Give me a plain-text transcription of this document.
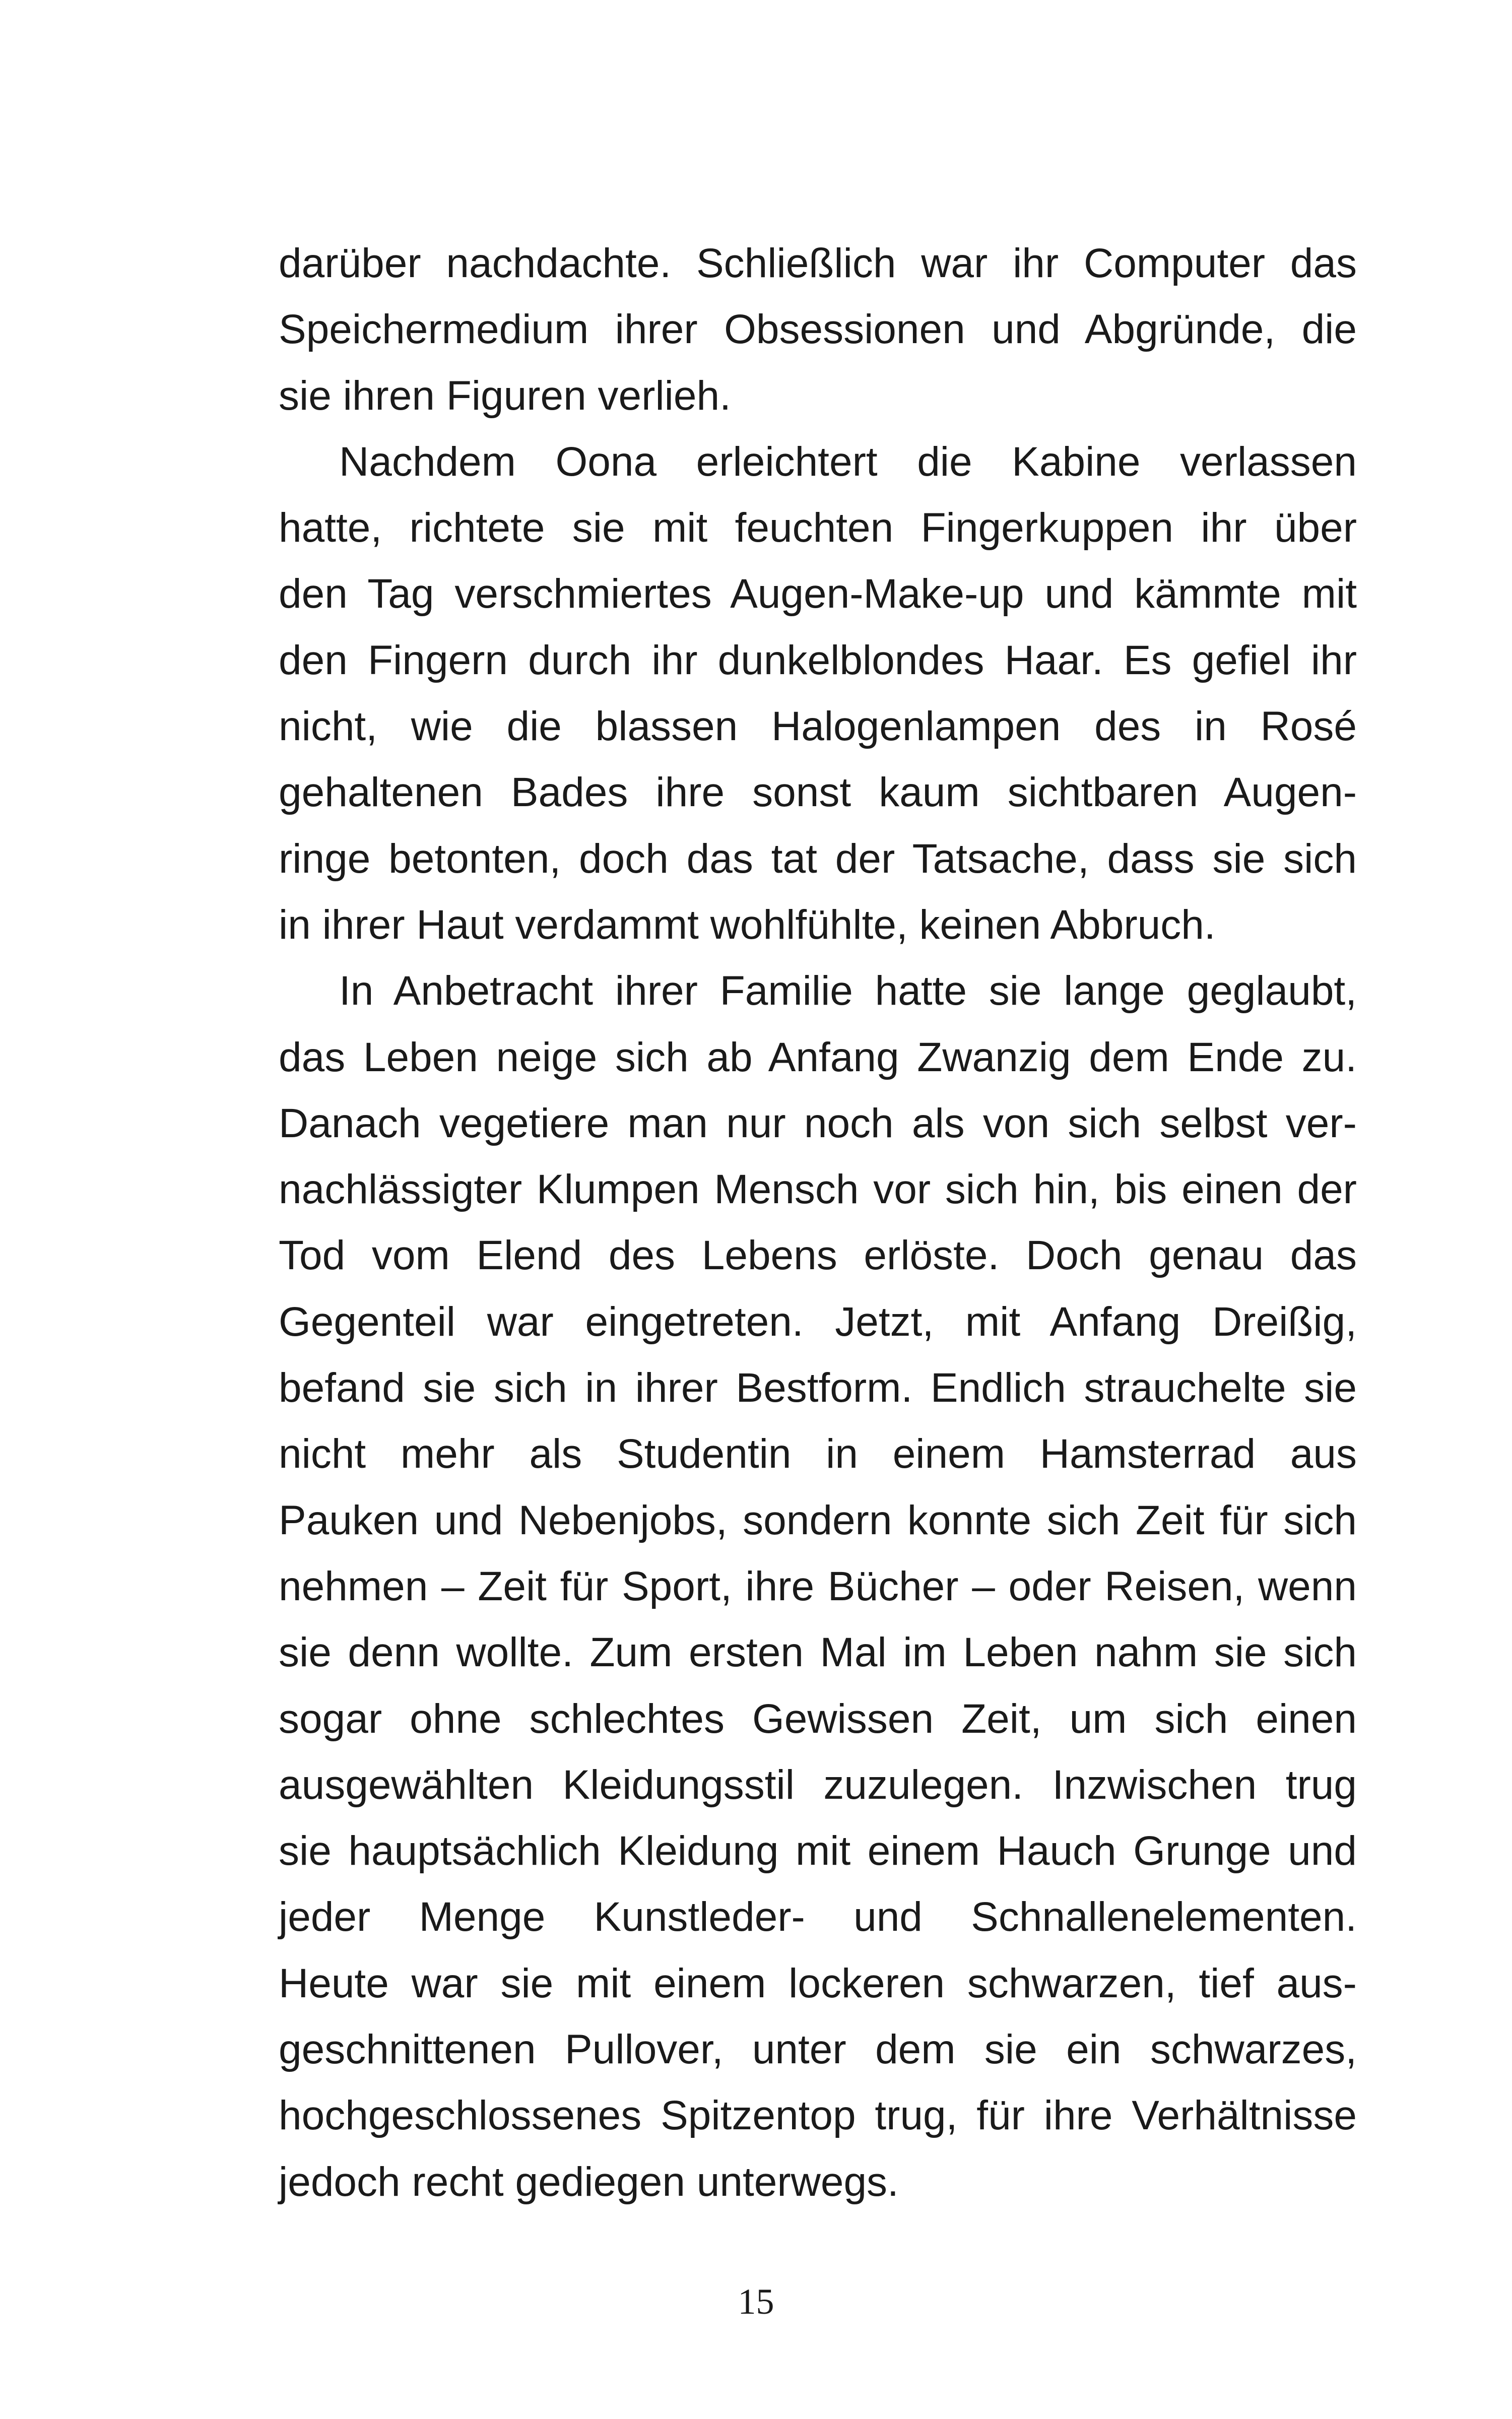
darüber nachdachte. Schließlich war ihr Computer das
Speichermedium ihrer Obsessionen und Abgründe, die
sie ihren Figuren verlieh.
Nachdem Oona erleichtert die Kabine verlassen
hatte, richtete sie mit feuchten Fingerkuppen ihr über
den Tag verschmiertes Augen-Make-up und kämmte mit
den Fingern durch ihr dunkelblondes Haar. Es gefiel ihr
nicht, wie die blassen Halogenlampen des in Rosé
gehaltenen Bades ihre sonst kaum sichtbaren Augen-
ringe betonten, doch das tat der Tatsache, dass sie sich
in ihrer Haut verdammt wohlfühlte, keinen Abbruch.
In Anbetracht ihrer Familie hatte sie lange geglaubt,
das Leben neige sich ab Anfang Zwanzig dem Ende zu.
Danach vegetiere man nur noch als von sich selbst ver-
nachlässigter Klumpen Mensch vor sich hin, bis einen der
Tod vom Elend des Lebens erlöste. Doch genau das
Gegenteil war eingetreten. Jetzt, mit Anfang Dreißig,
befand sie sich in ihrer Bestform. Endlich strauchelte sie
nicht mehr als Studentin in einem Hamsterrad aus
Pauken und Nebenjobs, sondern konnte sich Zeit für sich
nehmen – Zeit für Sport, ihre Bücher – oder Reisen, wenn
sie denn wollte. Zum ersten Mal im Leben nahm sie sich
sogar ohne schlechtes Gewissen Zeit, um sich einen
ausgewählten Kleidungsstil zuzulegen. Inzwischen trug
sie hauptsächlich Kleidung mit einem Hauch Grunge und
jeder Menge Kunstleder- und Schnallenelementen.
Heute war sie mit einem lockeren schwarzen, tief aus-
geschnittenen Pullover, unter dem sie ein schwarzes,
hochgeschlossenes Spitzentop trug, für ihre Verhältnisse
jedoch recht gediegen unterwegs.
15
